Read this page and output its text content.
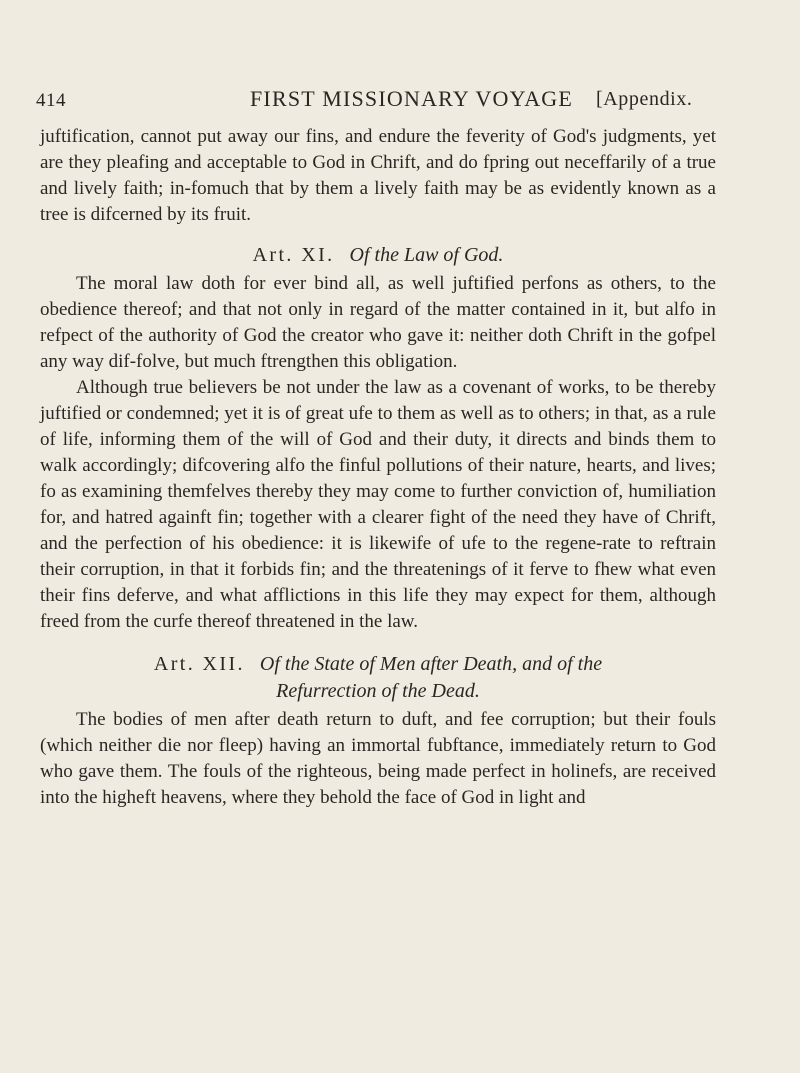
414	FIRST MISSIONARY VOYAGE [Appendix.

juftification, cannot put away our fins, and endure the feverity of God's judgments, yet are they pleafing and acceptable to God in Chrift, and do fpring out neceffarily of a true and lively faith; in-fomuch that by them a lively faith may be as evidently known as a tree is difcerned by its fruit.

Art. XI. Of the Law of God.

The moral law doth for ever bind all, as well juftified perfons as others, to the obedience thereof; and that not only in regard of the matter contained in it, but alfo in refpect of the authority of God the creator who gave it: neither doth Chrift in the gofpel any way dif-folve, but much ftrengthen this obligation.

Although true believers be not under the law as a covenant of works, to be thereby juftified or condemned; yet it is of great ufe to them as well as to others; in that, as a rule of life, informing them of the will of God and their duty, it directs and binds them to walk accordingly; difcovering alfo the finful pollutions of their nature, hearts, and lives; fo as examining themfelves thereby they may come to further conviction of, humiliation for, and hatred againft fin; together with a clearer fight of the need they have of Chrift, and the perfection of his obedience: it is likewife of ufe to the regene-rate to reftrain their corruption, in that it forbids fin; and the threatenings of it ferve to fhew what even their fins deferve, and what afflictions in this life they may expect for them, although freed from the curfe thereof threatened in the law.

Art. XII. Of the State of Men after Death, and of the
Refurrection of the Dead.

The bodies of men after death return to duft, and fee corruption; but their fouls (which neither die nor fleep) having an immortal fubftance, immediately return to God who gave them. The fouls of the righteous, being made perfect in holinefs, are received into the higheft heavens, where they behold the face of God in light and
